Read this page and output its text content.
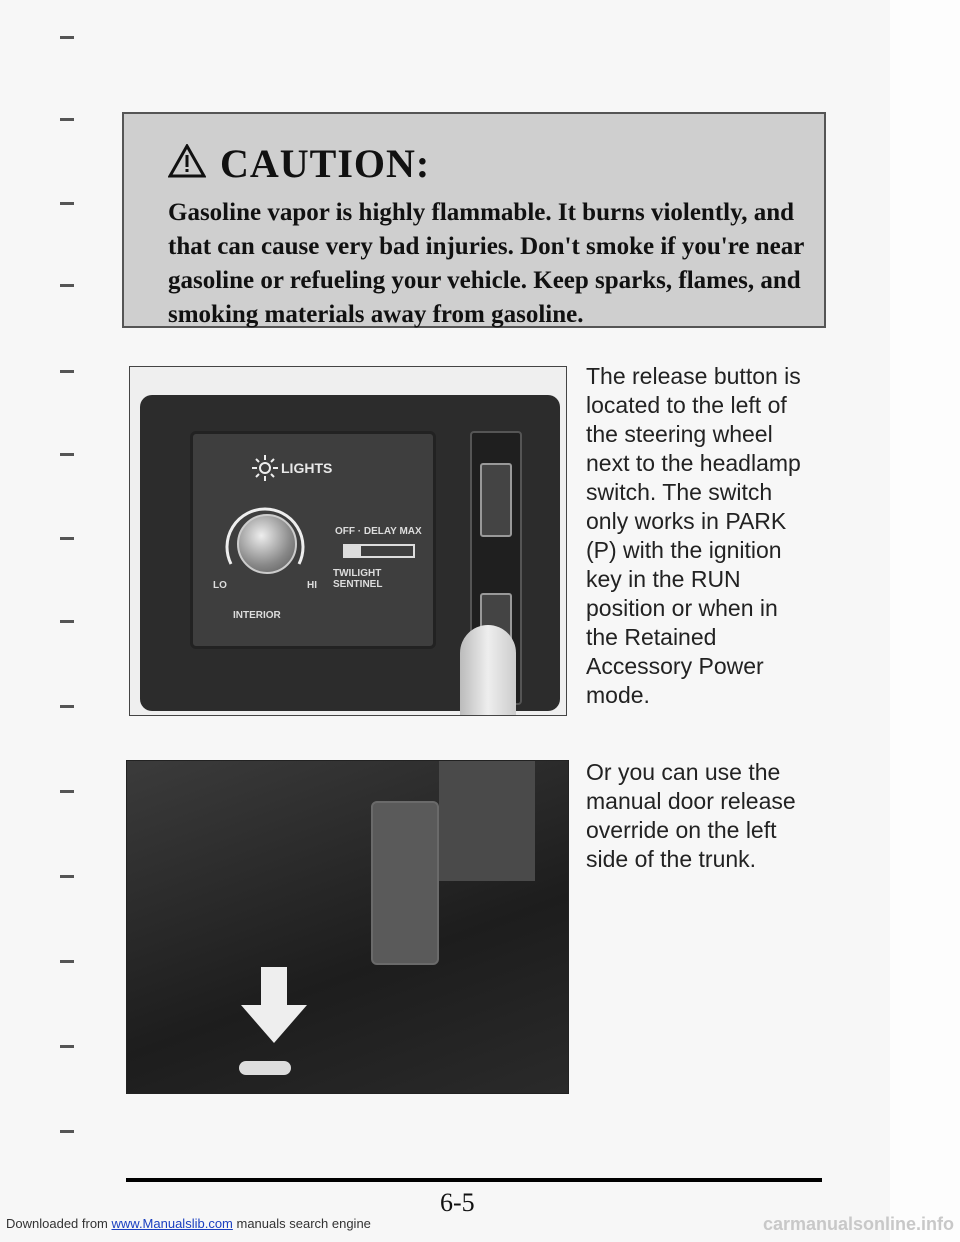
CAUTION:
Gasoline vapor is highly flammable. It burns violently, and that can cause very bad injuries. Don't smoke if you're near gasoline or refueling your vehicle. Keep sparks, flames, and smoking materials away from gasoline.
LIGHTS
LO	HI
INTERIOR
OFF · DELAY MAX
TWILIGHT SENTINEL
The release button is located to the left of the steering wheel next to the headlamp switch. The switch only works in PARK (P) with the ignition key in the RUN position or when in the Retained Accessory Power mode.
Or you can use the manual door release override on the left side of the trunk.
6-5
Downloaded from www.Manualslib.com manuals search engine	carmanualsonline.info
